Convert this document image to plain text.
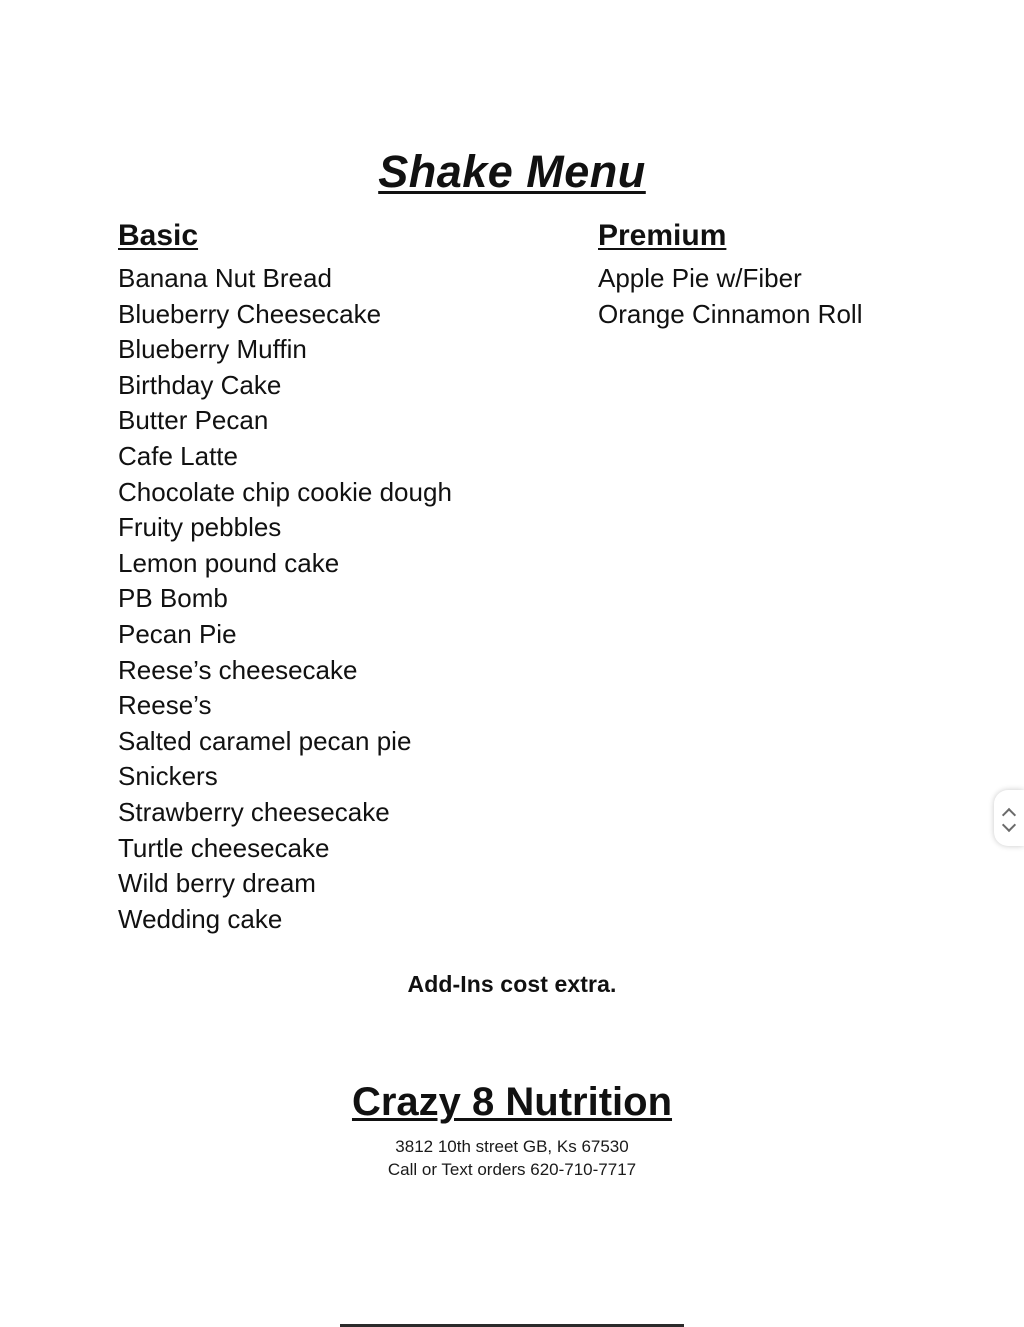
Shake Menu
Basic
Banana Nut Bread
Blueberry Cheesecake
Blueberry Muffin
Birthday Cake
Butter Pecan
Cafe Latte
Chocolate chip cookie dough
Fruity pebbles
Lemon pound cake
PB Bomb
Pecan Pie
Reese’s cheesecake
Reese’s
Salted caramel pecan pie
Snickers
Strawberry cheesecake
Turtle cheesecake
Wild berry dream
Wedding cake
Premium
Apple Pie w/Fiber
Orange Cinnamon Roll
Add-Ins cost extra.
Crazy 8 Nutrition
3812 10th street GB, Ks 67530
Call or Text orders 620-710-7717
